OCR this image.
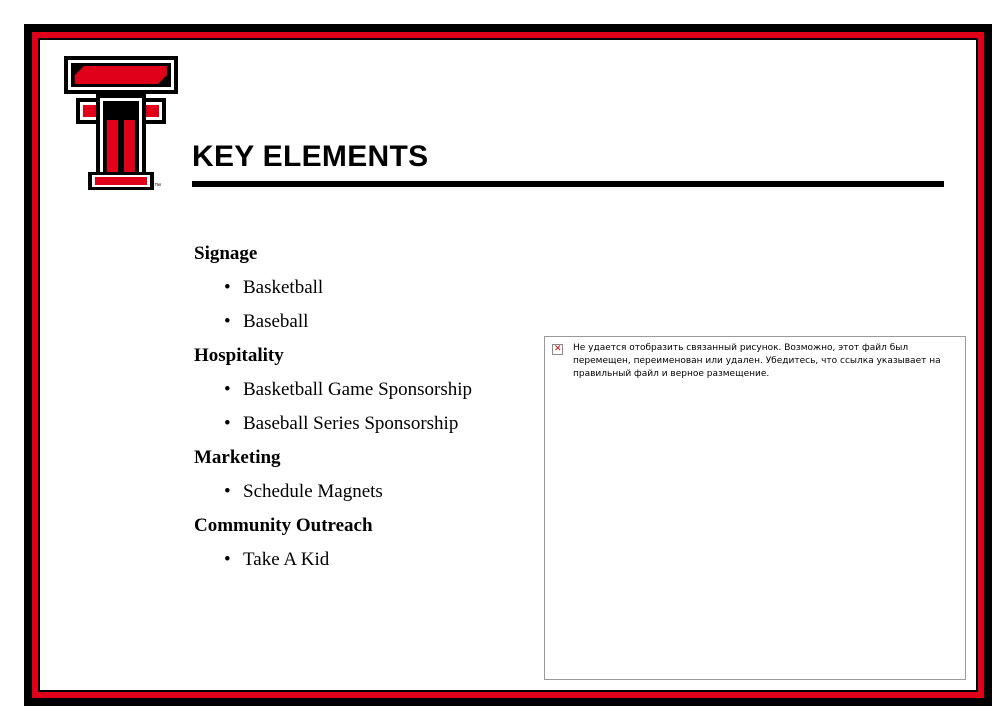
™
KEY ELEMENTS
Signage
• Basketball
• Baseball
Hospitality
• Basketball Game Sponsorship
• Baseball Series Sponsorship
Marketing
• Schedule Magnets
Community Outreach
• Take A Kid
✕ Не удается отобразить связанный рисунок. Возможно, этот файл был перемещен, переименован или удален. Убедитесь, что ссылка указывает на правильный файл и верное размещение.
